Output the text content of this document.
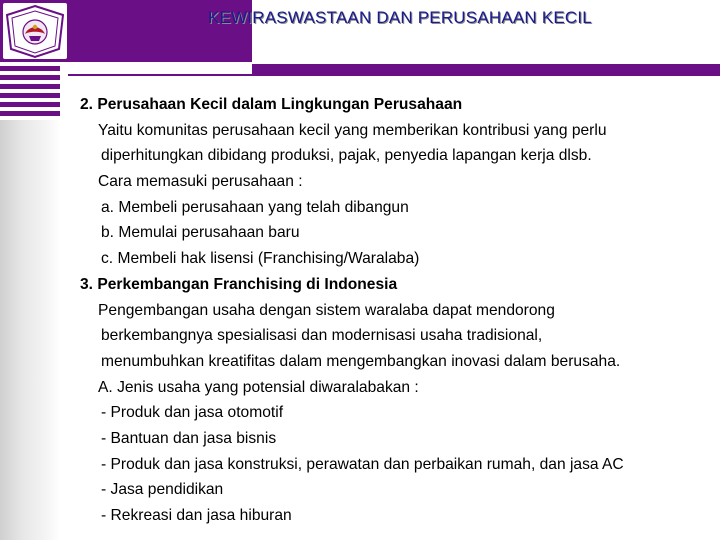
KEWIRASWASTAAN DAN PERUSAHAAN KECIL
2. Perusahaan Kecil dalam Lingkungan Perusahaan
Yaitu komunitas perusahaan kecil yang memberikan kontribusi yang perlu
diperhitungkan dibidang produksi, pajak, penyedia lapangan kerja dlsb.
Cara memasuki perusahaan :
a. Membeli perusahaan yang telah dibangun
b. Memulai perusahaan baru
c. Membeli hak lisensi (Franchising/Waralaba)
3. Perkembangan Franchising di Indonesia
Pengembangan usaha dengan sistem waralaba dapat mendorong
berkembangnya spesialisasi dan modernisasi usaha tradisional,
menumbuhkan kreatifitas dalam mengembangkan inovasi dalam berusaha.
A. Jenis usaha yang potensial diwaralabakan :
- Produk dan jasa otomotif
- Bantuan dan jasa bisnis
- Produk dan jasa konstruksi, perawatan dan perbaikan rumah, dan jasa AC
- Jasa pendidikan
- Rekreasi dan jasa hiburan
